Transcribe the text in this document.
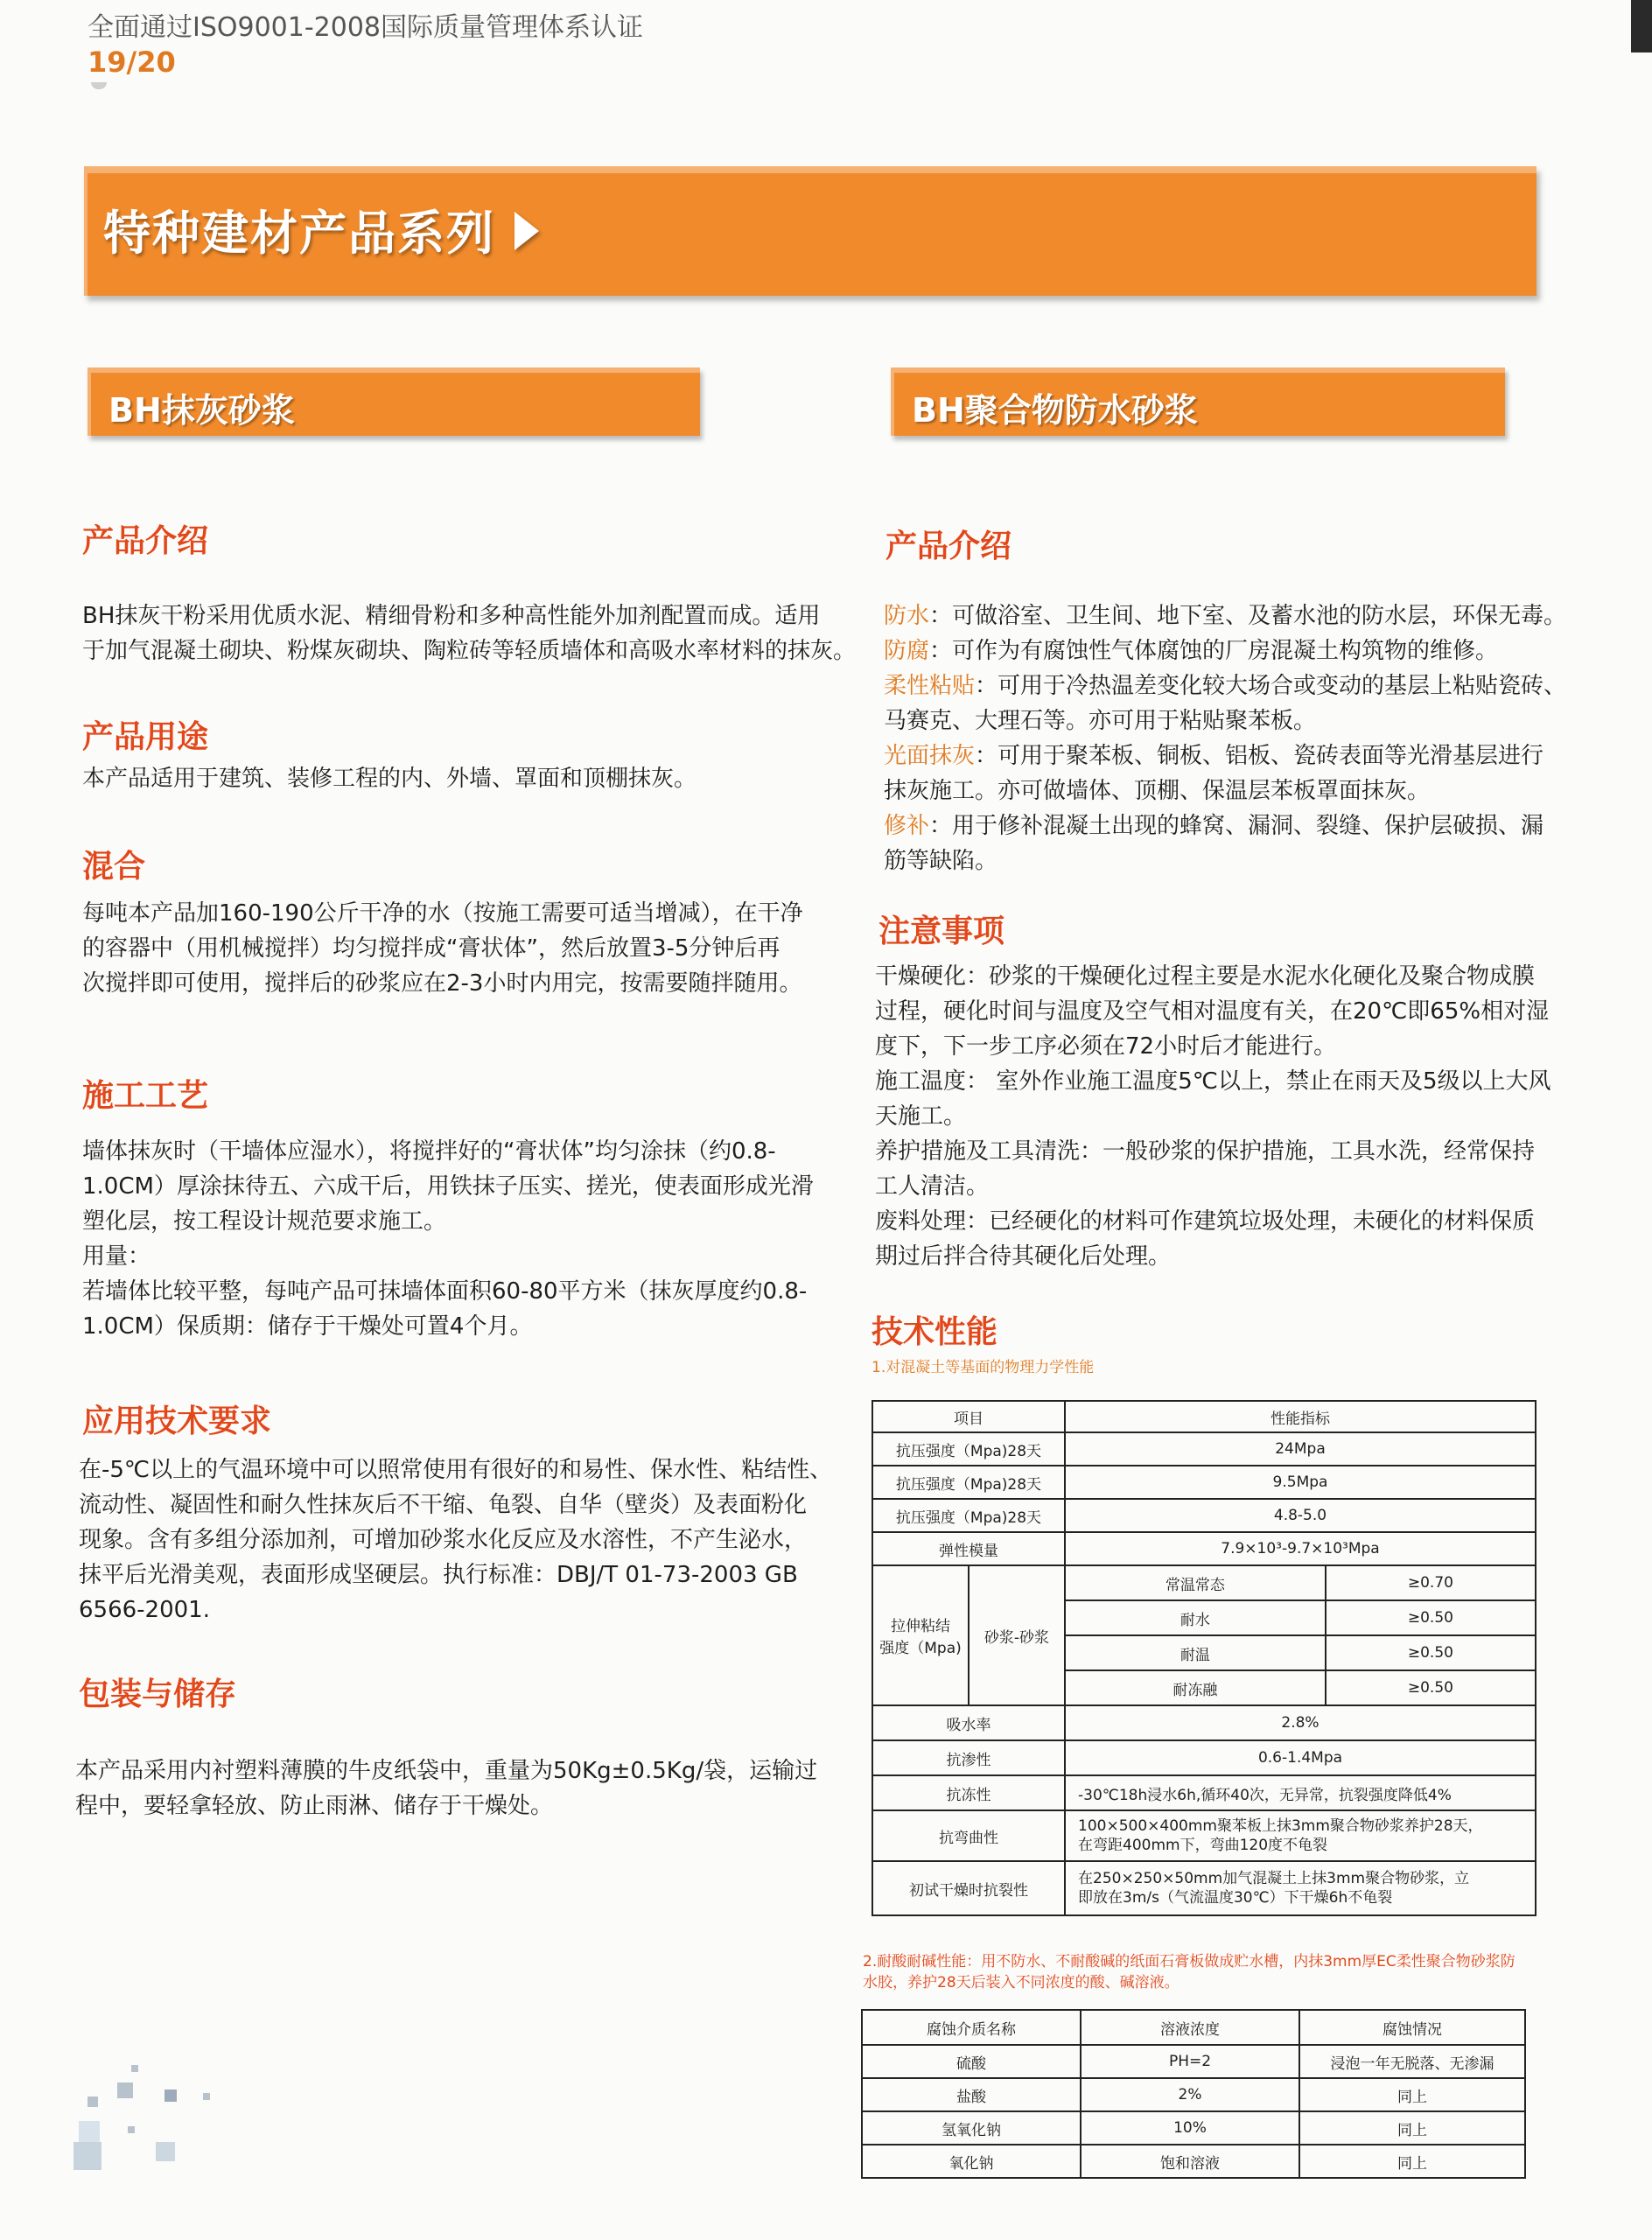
全面通过ISO9001-2008国际质量管理体系认证
19/20
特种建材产品系列
BH抹灰砂浆	BH聚合物防水砂浆
产品介绍
BH抹灰干粉采用优质水泥、精细骨粉和多种高性能外加剂配置而成。适用
于加气混凝土砌块、粉煤灰砌块、陶粒砖等轻质墙体和高吸水率材料的抹灰。
产品用途
本产品适用于建筑、装修工程的内、外墙、罩面和顶棚抹灰。
混合
每吨本产品加160-190公斤干净的水（按施工需要可适当增减），在干净
的容器中（用机械搅拌）均匀搅拌成“膏状体”，然后放置3-5分钟后再
次搅拌即可使用，搅拌后的砂浆应在2-3小时内用完，按需要随拌随用。
施工工艺
墙体抹灰时（干墙体应湿水），将搅拌好的“膏状体”均匀涂抹（约0.8-
1.0CM）厚涂抹待五、六成干后，用铁抹子压实、搓光，使表面形成光滑
塑化层，按工程设计规范要求施工。
用量：
若墙体比较平整，每吨产品可抹墙体面积60-80平方米（抹灰厚度约0.8-
1.0CM）保质期：储存于干燥处可置4个月。
应用技术要求
在-5℃以上的气温环境中可以照常使用有很好的和易性、保水性、粘结性、
流动性、凝固性和耐久性抹灰后不干缩、龟裂、自华（壁炎）及表面粉化
现象。含有多组分添加剂，可增加砂浆水化反应及水溶性，不产生泌水，
抹平后光滑美观，表面形成坚硬层。执行标准：DBJ/T 01-73-2003 GB
6566-2001.
包装与储存
本产品采用内衬塑料薄膜的牛皮纸袋中，重量为50Kg±0.5Kg/袋，运输过
程中，要轻拿轻放、防止雨淋、储存于干燥处。
产品介绍
防水：可做浴室、卫生间、地下室、及蓄水池的防水层，环保无毒。
防腐：可作为有腐蚀性气体腐蚀的厂房混凝土构筑物的维修。
柔性粘贴：可用于冷热温差变化较大场合或变动的基层上粘贴瓷砖、
马赛克、大理石等。亦可用于粘贴聚苯板。
光面抹灰：可用于聚苯板、铜板、铝板、瓷砖表面等光滑基层进行
抹灰施工。亦可做墙体、顶棚、保温层苯板罩面抹灰。
修补：用于修补混凝土出现的蜂窝、漏洞、裂缝、保护层破损、漏
筋等缺陷。
注意事项
干燥硬化：砂浆的干燥硬化过程主要是水泥水化硬化及聚合物成膜
过程，硬化时间与温度及空气相对温度有关，在20℃即65%相对湿
度下，下一步工序必须在72小时后才能进行。
施工温度： 室外作业施工温度5℃以上，禁止在雨天及5级以上大风
天施工。
养护措施及工具清洗：一般砂浆的保护措施，工具水洗，经常保持
工人清洁。
废料处理：已经硬化的材料可作建筑垃圾处理，未硬化的材料保质
期过后拌合待其硬化后处理。
技术性能
1.对混凝土等基面的物理力学性能
项目		性能指标	
抗压强度（Mpa)28天		24Mpa	
抗压强度（Mpa)28天		9.5Mpa	
抗压强度（Mpa)28天		4.8-5.0	
弹性模量		7.9×10³-9.7×10³Mpa	
拉伸粘结
强度（Mpa)	砂浆-砂浆	常温常态	≥0.70
		耐水	≥0.50
		耐温	≥0.50
		耐冻融	≥0.50
吸水率		2.8%	
抗渗性		0.6-1.4Mpa	
抗冻性		-30℃18h浸水6h,循环40次，无异常，抗裂强度降低4%	
抗弯曲性		100×500×400mm聚苯板上抹3mm聚合物砂浆养护28天，
在弯距400mm下，弯曲120度不龟裂	
初试干燥时抗裂性		在250×250×50mm加气混凝土上抹3mm聚合物砂浆，立
即放在3m/s（气流温度30℃）下干燥6h不龟裂	
2.耐酸耐碱性能：用不防水、不耐酸碱的纸面石膏板做成贮水槽，内抹3mm厚EC柔性聚合物砂浆防水胶，养护28天后装入不同浓度的酸、碱溶液。
腐蚀介质名称	溶液浓度	腐蚀情况
硫酸	PH=2	浸泡一年无脱落、无渗漏
盐酸	2%	同上
氢氧化钠	10%	同上
氧化钠	饱和溶液	同上
